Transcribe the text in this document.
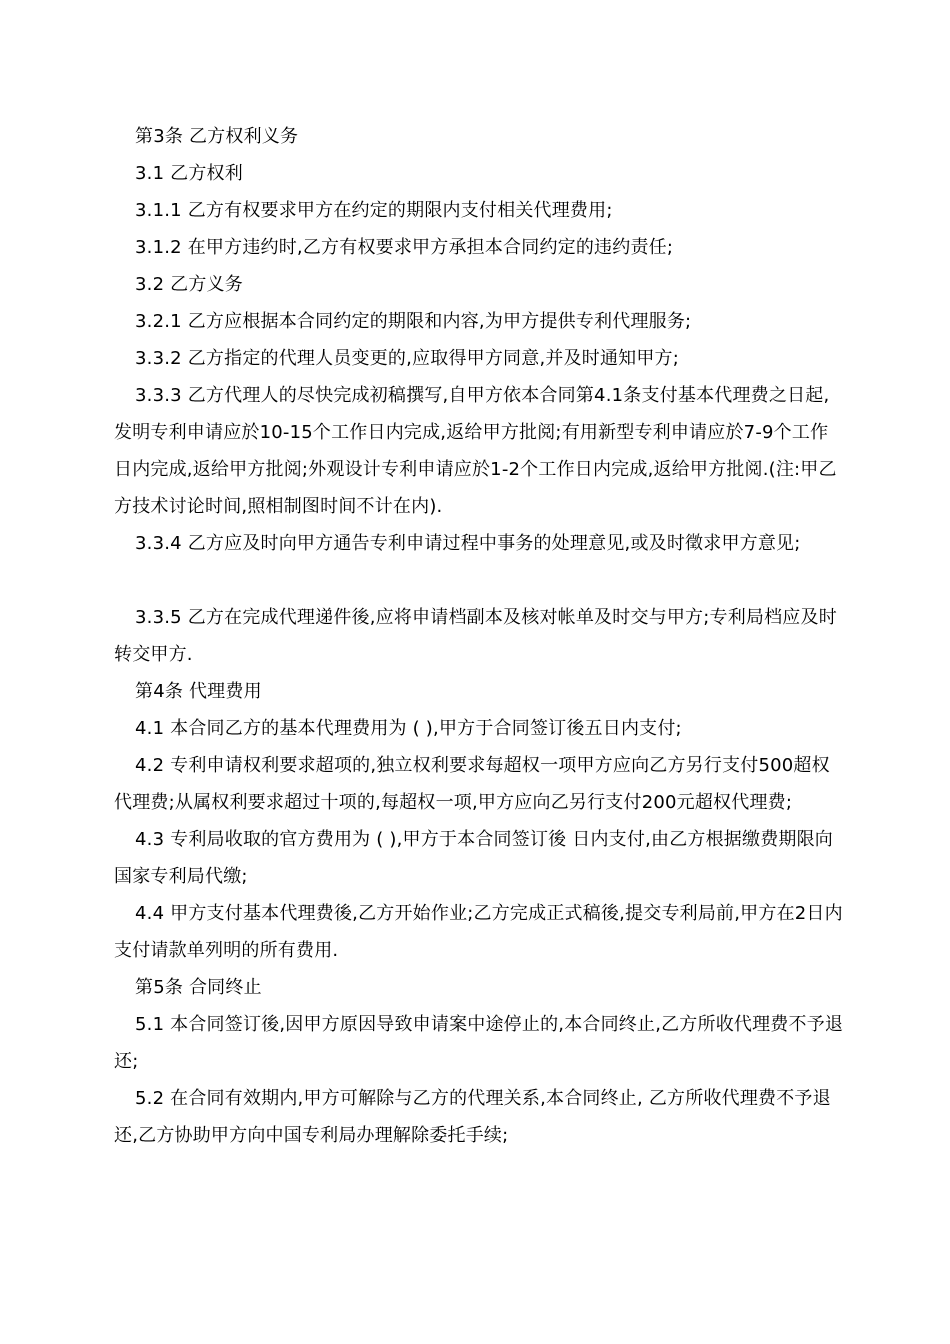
第3条 乙方权利义务

3.1 乙方权利

3.1.1 乙方有权要求甲方在约定的期限内支付相关代理费用;

3.1.2 在甲方违约时,乙方有权要求甲方承担本合同约定的违约责任;

3.2 乙方义务

3.2.1 乙方应根据本合同约定的期限和内容,为甲方提供专利代理服务;

3.3.2 乙方指定的代理人员变更的,应取得甲方同意,并及时通知甲方;

3.3.3 乙方代理人的尽快完成初稿撰写,自甲方依本合同第4.1条支付基本代理费之日起,发明专利申请应於10-15个工作日内完成,返给甲方批阅;有用新型专利申请应於7-9个工作日内完成,返给甲方批阅;外观设计专利申请应於1-2个工作日内完成,返给甲方批阅.(注:甲乙方技术讨论时间,照相制图时间不计在内).

3.3.4 乙方应及时向甲方通告专利申请过程中事务的处理意见,或及时徵求甲方意见;

3.3.5 乙方在完成代理递件後,应将申请档副本及核对帐单及时交与甲方;专利局档应及时转交甲方.

第4条 代理费用

4.1 本合同乙方的基本代理费用为 ( ),甲方于合同签订後五日内支付;

4.2 专利申请权利要求超项的,独立权利要求每超权一项甲方应向乙方另行支付500超权代理费;从属权利要求超过十项的,每超权一项,甲方应向乙另行支付200元超权代理费;

4.3 专利局收取的官方费用为 ( ),甲方于本合同签订後 日内支付,由乙方根据缴费期限向国家专利局代缴;

4.4 甲方支付基本代理费後,乙方开始作业;乙方完成正式稿後,提交专利局前,甲方在2日内支付请款单列明的所有费用.

第5条 合同终止

5.1 本合同签订後,因甲方原因导致申请案中途停止的,本合同终止,乙方所收代理费不予退还;

5.2 在合同有效期内,甲方可解除与乙方的代理关系,本合同终止, 乙方所收代理费不予退还,乙方协助甲方向中国专利局办理解除委托手续;
